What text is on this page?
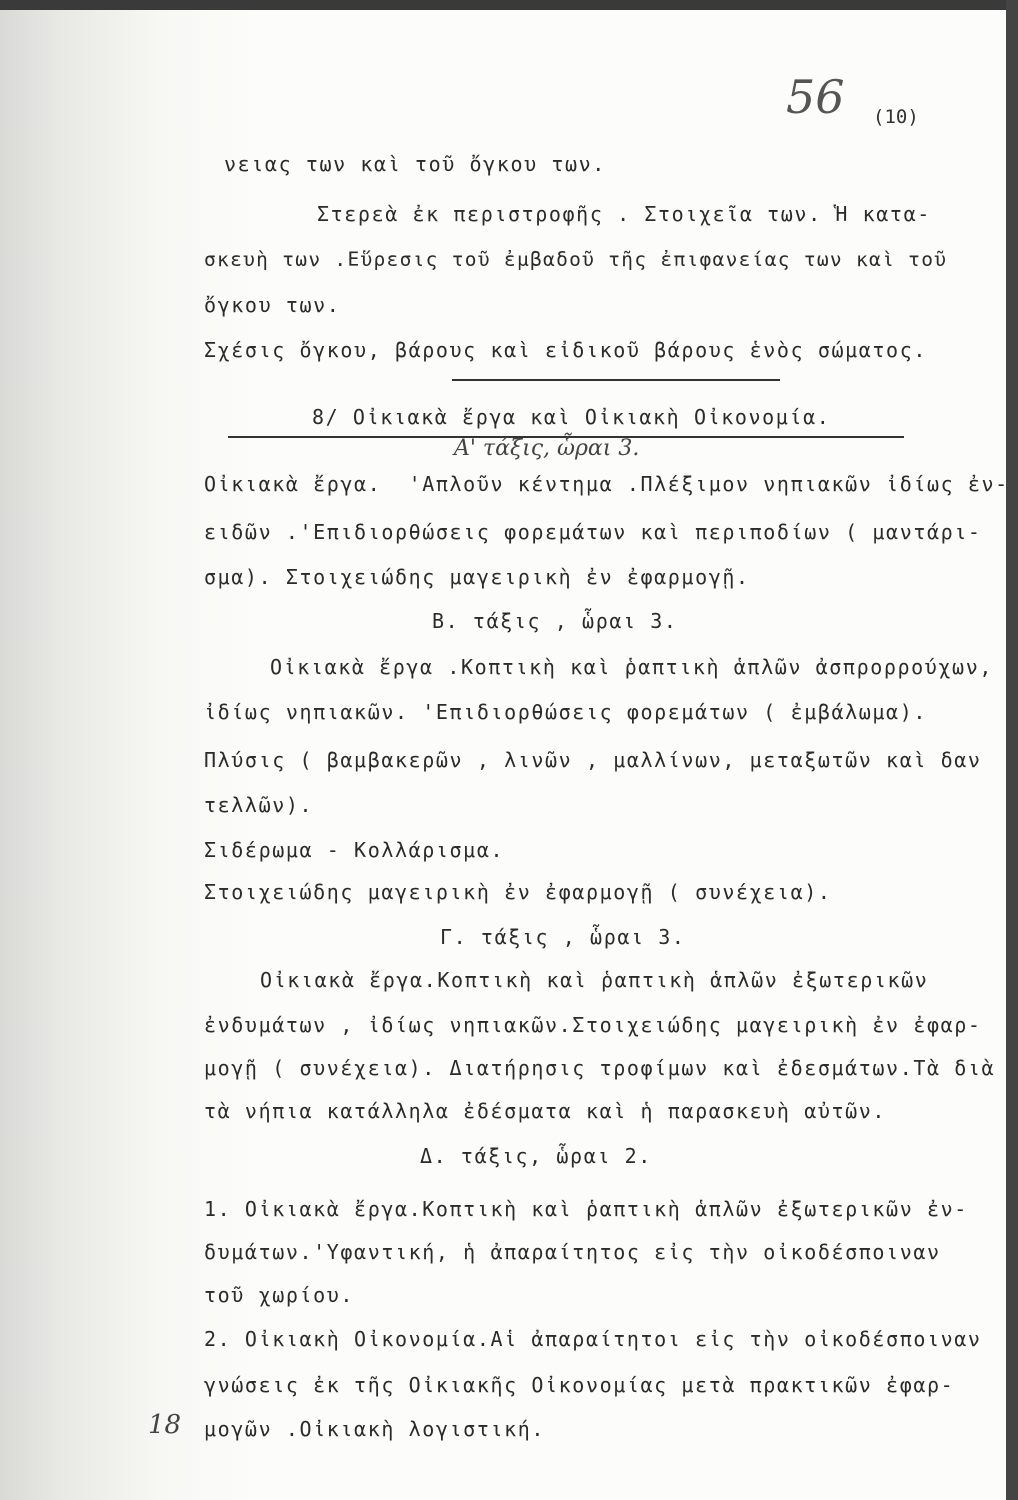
56 (10)
νειας των καὶ τοῦ ὄγκου των.
Στερεὰ ἐκ περιστροφῆς . Στοιχεῖα των. Ἡ κατα-
σκευὴ των .Εὕρεσις τοῦ ἐμβαδοῦ τῆς ἐπιφανείας των καὶ τοῦ
ὄγκου των.
Σχέσις ὄγκου, βάρους καὶ εἰδικοῦ βάρους ἑνὸς σώματος.
8/ Οἰκιακὰ ἔργα καὶ Οἰκιακὴ Οἰκονομία.
Α' τάξις, ὧραι 3.
Οἰκιακὰ ἔργα.  'Απλοῦν κέντημα .Πλέξιμον νηπιακῶν ἰδίως ἐν-
ειδῶν .'Επιδιορθώσεις φορεμάτων καὶ περιποδίων ( μαντάρι-
σμα). Στοιχειώδης μαγειρικὴ ἐν ἐφαρμογῇ.
Β. τάξις , ὧραι 3.
Οἰκιακὰ ἔργα .Κοπτικὴ καὶ ῥαπτικὴ ἁπλῶν ἀσπρορρούχων,
ἰδίως νηπιακῶν. 'Επιδιορθώσεις φορεμάτων ( ἐμβάλωμα).
Πλύσις ( βαμβακερῶν , λινῶν , μαλλίνων, μεταξωτῶν καὶ δαν
τελλῶν).
Σιδέρωμα - Κολλάρισμα.
Στοιχειώδης μαγειρικὴ ἐν ἐφαρμογῇ ( συνέχεια).
Γ. τάξις , ὧραι 3.
Οἰκιακὰ ἔργα.Κοπτικὴ καὶ ῥαπτικὴ ἁπλῶν ἐξωτερικῶν
ἐνδυμάτων , ἰδίως νηπιακῶν.Στοιχειώδης μαγειρικὴ ἐν ἐφαρ-
μογῇ ( συνέχεια). Διατήρησις τροφίμων καὶ ἐδεσμάτων.Τὰ διὰ
τὰ νήπια κατάλληλα ἐδέσματα καὶ ἡ παρασκευὴ αὐτῶν.
Δ. τάξις, ὧραι 2.
1. Οἰκιακὰ ἔργα.Κοπτικὴ καὶ ῥαπτικὴ ἁπλῶν ἐξωτερικῶν ἐν-
δυμάτων.'Υφαντική, ἡ ἀπαραίτητος εἰς τὴν οἰκοδέσποιναν
τοῦ χωρίου.
2. Οἰκιακὴ Οἰκονομία.Αἱ ἀπαραίτητοι εἰς τὴν οἰκοδέσποιναν
γνώσεις ἐκ τῆς Οἰκιακῆς Οἰκονομίας μετὰ πρακτικῶν ἐφαρ-
μογῶν .Οἰκιακὴ λογιστική.
18
